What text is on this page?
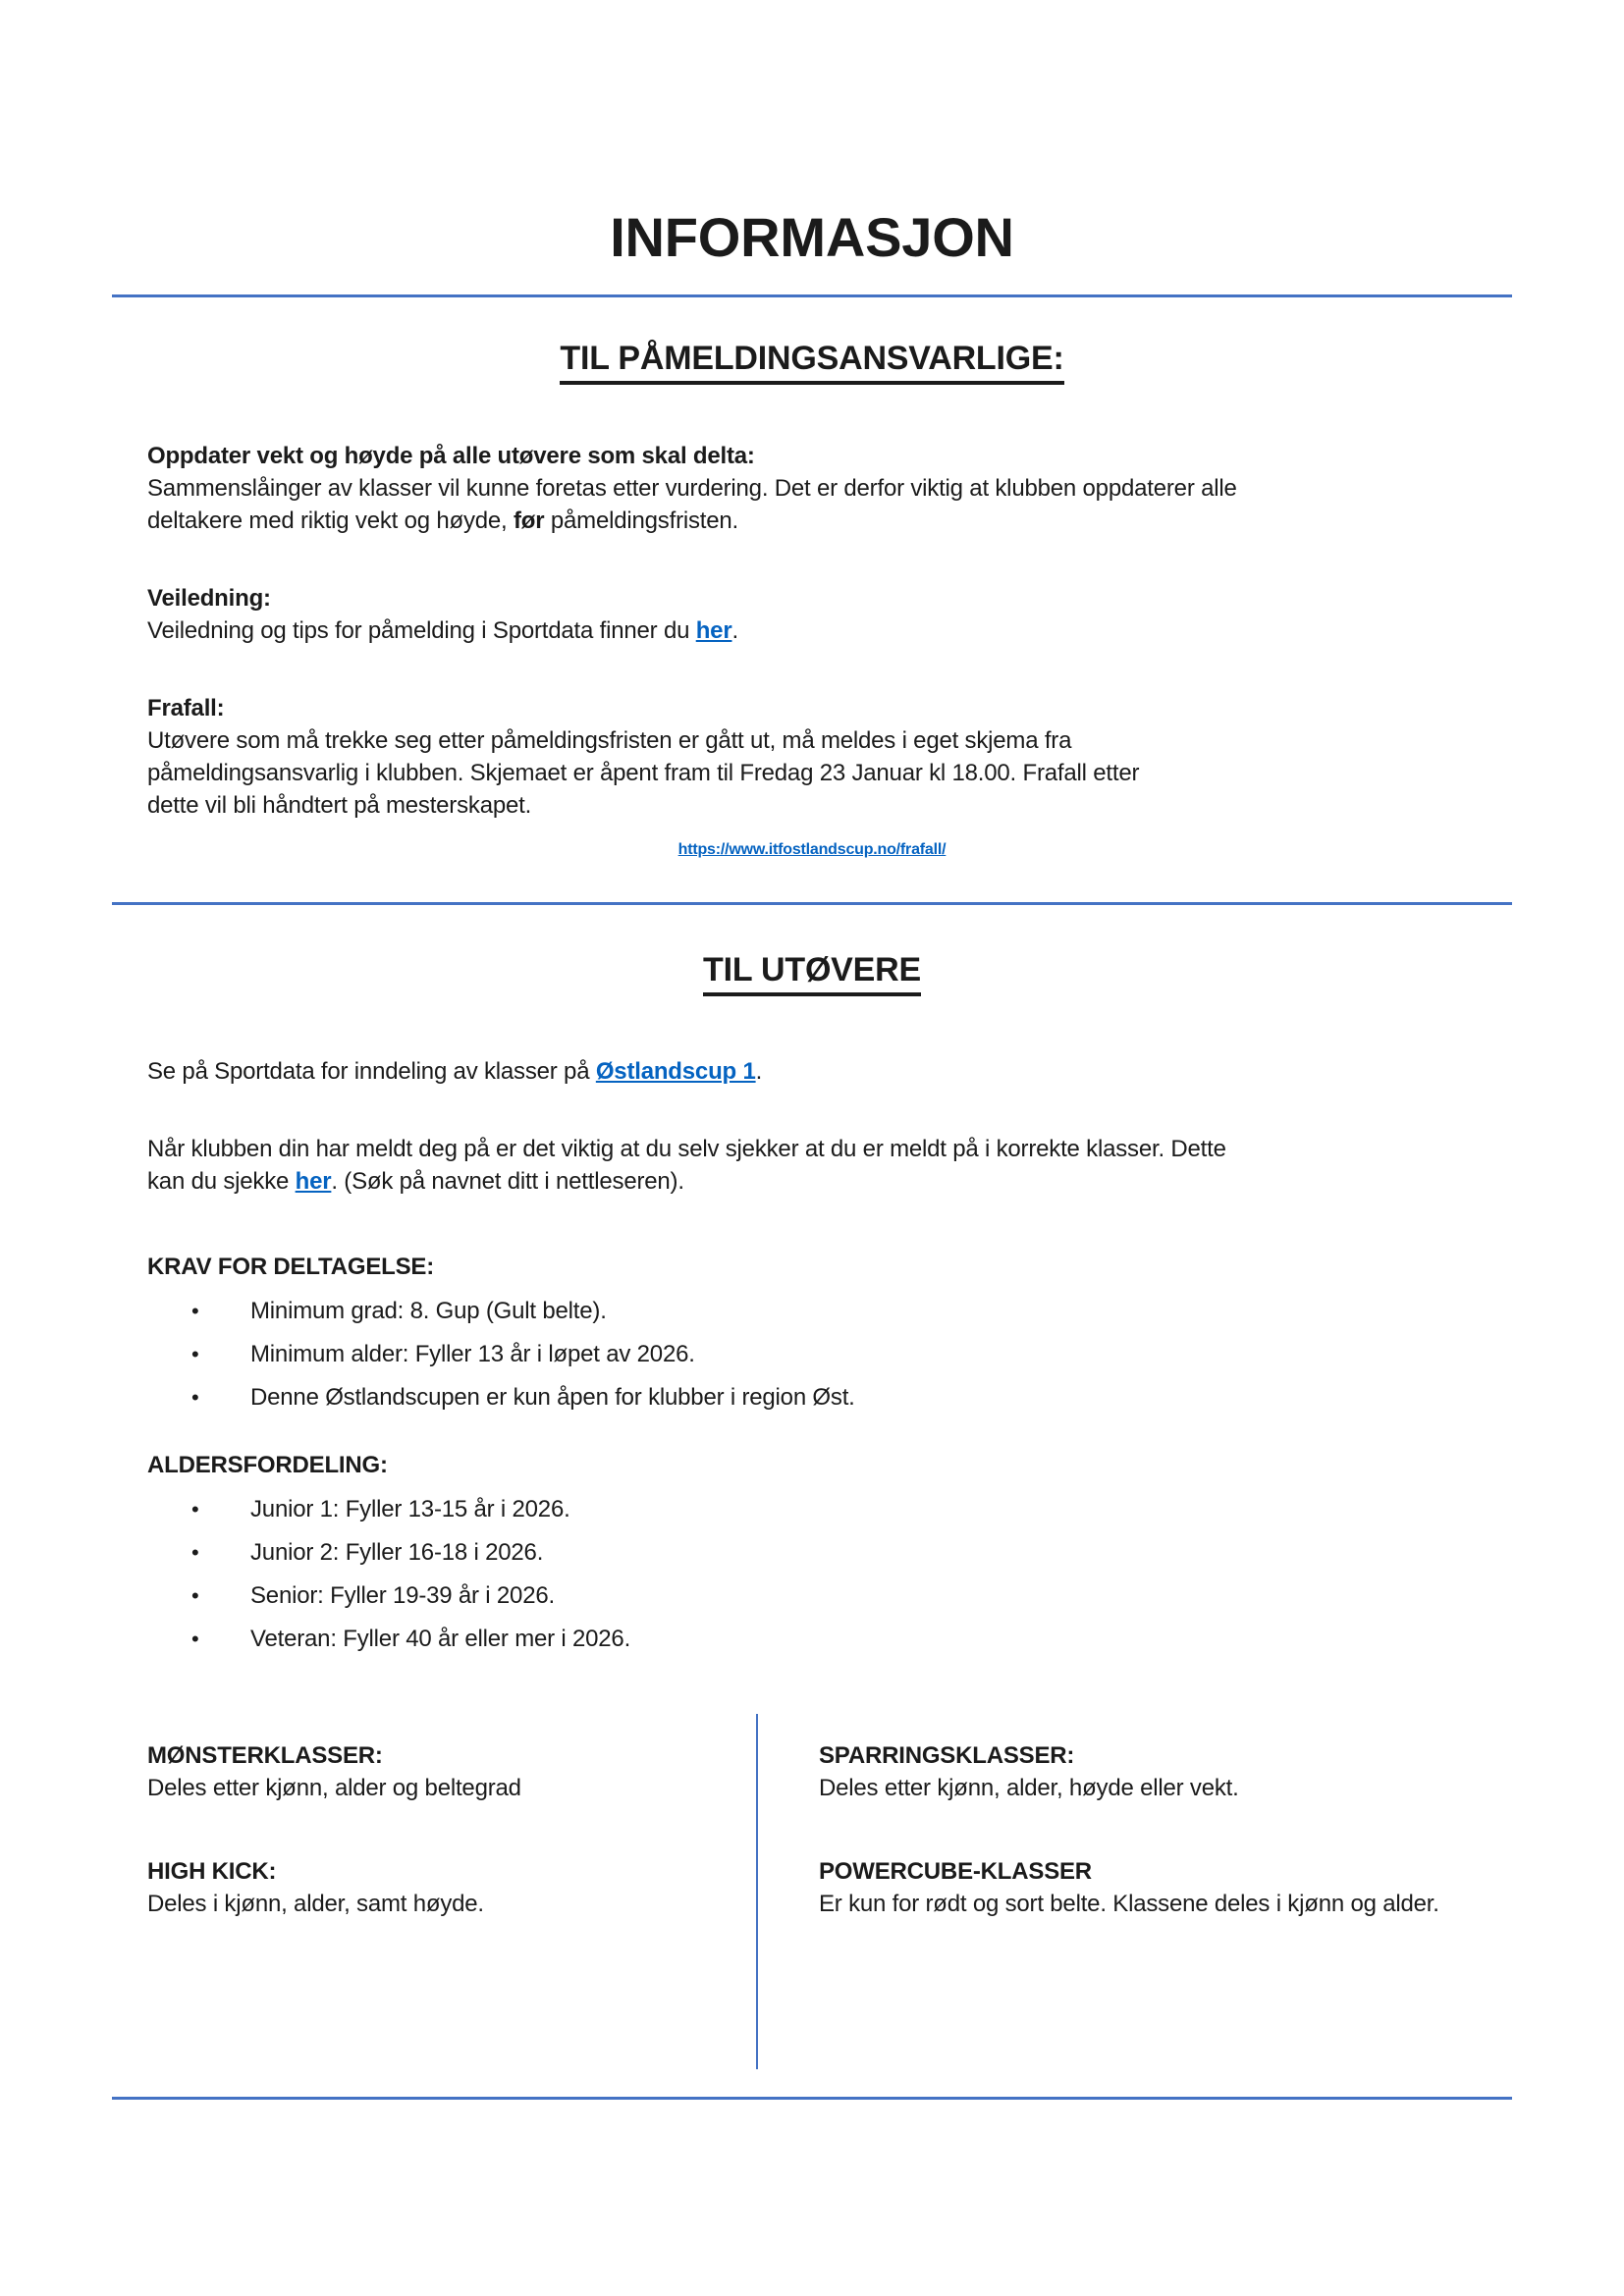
INFORMASJON
TIL PÅMELDINGSANSVARLIGE:
Oppdater vekt og høyde på alle utøvere som skal delta:
Sammenslåinger av klasser vil kunne foretas etter vurdering. Det er derfor viktig at klubben oppdaterer alle
deltakere med riktig vekt og høyde, før påmeldingsfristen.
Veiledning:
Veiledning og tips for påmelding i Sportdata finner du her.
Frafall:
Utøvere som må trekke seg etter påmeldingsfristen er gått ut, må meldes i eget skjema fra
påmeldingsansvarlig i klubben. Skjemaet er åpent fram til Fredag 23 Januar kl 18.00. Frafall etter
dette vil bli håndtert på mesterskapet.
https://www.itfostlandscup.no/frafall/
TIL UTØVERE
Se på Sportdata for inndeling av klasser på Østlandscup 1.
Når klubben din har meldt deg på er det viktig at du selv sjekker at du er meldt på i korrekte klasser. Dette
kan du sjekke her. (Søk på navnet ditt i nettleseren).
KRAV FOR DELTAGELSE:
•	Minimum grad: 8. Gup (Gult belte).
•	Minimum alder: Fyller 13 år i løpet av 2026.
•	Denne Østlandscupen er kun åpen for klubber i region Øst.
ALDERSFORDELING:
•	Junior 1: Fyller 13-15 år i 2026.
•	Junior 2: Fyller 16-18 i 2026.
•	Senior: Fyller 19-39 år i 2026.
•	Veteran: Fyller 40 år eller mer i 2026.
MØNSTERKLASSER:
Deles etter kjønn, alder og beltegrad
HIGH KICK:
Deles i kjønn, alder, samt høyde.
SPARRINGSKLASSER:
Deles etter kjønn, alder, høyde eller vekt.
POWERCUBE-KLASSER
Er kun for rødt og sort belte. Klassene deles i kjønn og alder.
